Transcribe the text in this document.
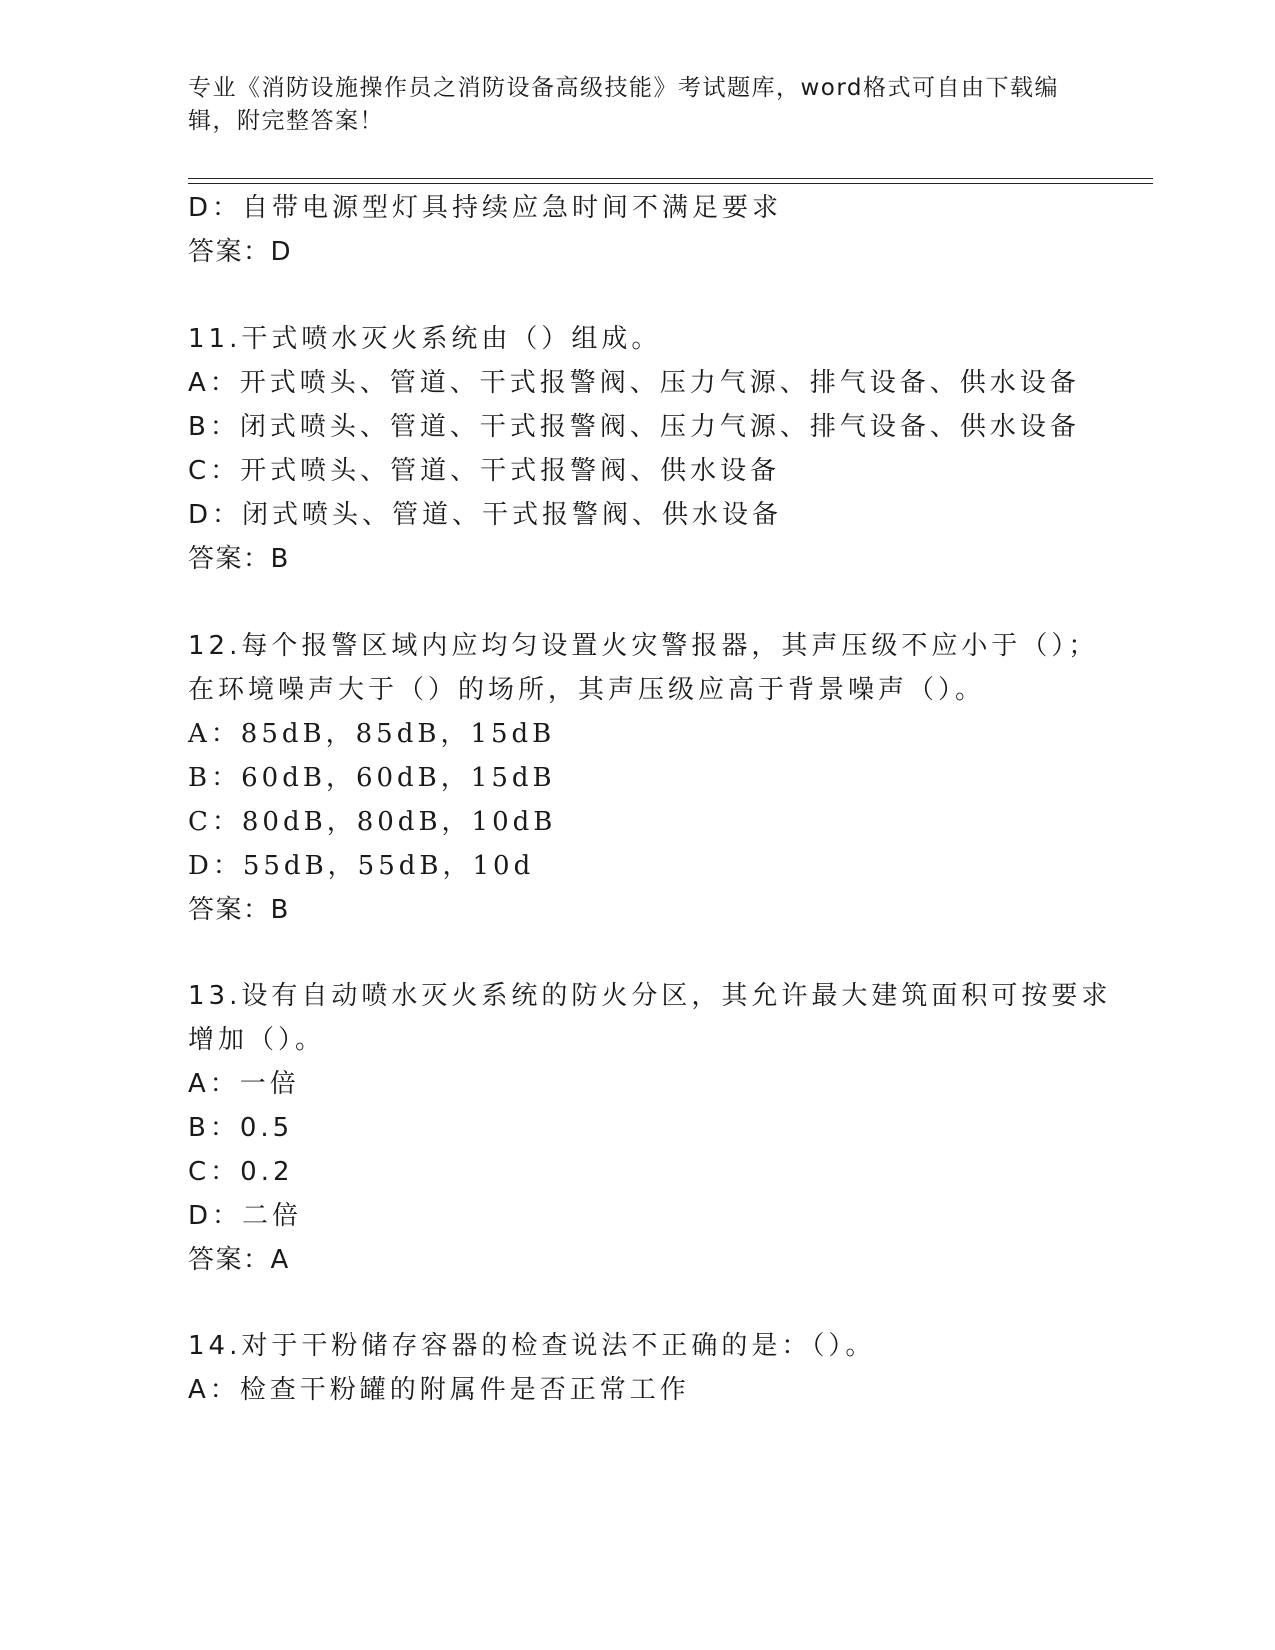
专业《消防设施操作员之消防设备高级技能》考试题库，word格式可自由下载编
辑，附完整答案！
D：自带电源型灯具持续应急时间不满足要求
答案：D
11.干式喷水灭火系统由（）组成。
A：开式喷头、管道、干式报警阀、压力气源、排气设备、供水设备
B：闭式喷头、管道、干式报警阀、压力气源、排气设备、供水设备
C：开式喷头、管道、干式报警阀、供水设备
D：闭式喷头、管道、干式报警阀、供水设备
答案：B
12.每个报警区域内应均匀设置火灾警报器，其声压级不应小于（）；
在环境噪声大于（）的场所，其声压级应高于背景噪声（）。
A：85dB，85dB，15dB
B：60dB，60dB，15dB
C：80dB，80dB，10dB
D：55dB，55dB，10d
答案：B
13.设有自动喷水灭火系统的防火分区，其允许最大建筑面积可按要求
增加（）。
A：一倍
B：0.5
C：0.2
D：二倍
答案：A
14.对于干粉储存容器的检查说法不正确的是：（）。
A：检查干粉罐的附属件是否正常工作
